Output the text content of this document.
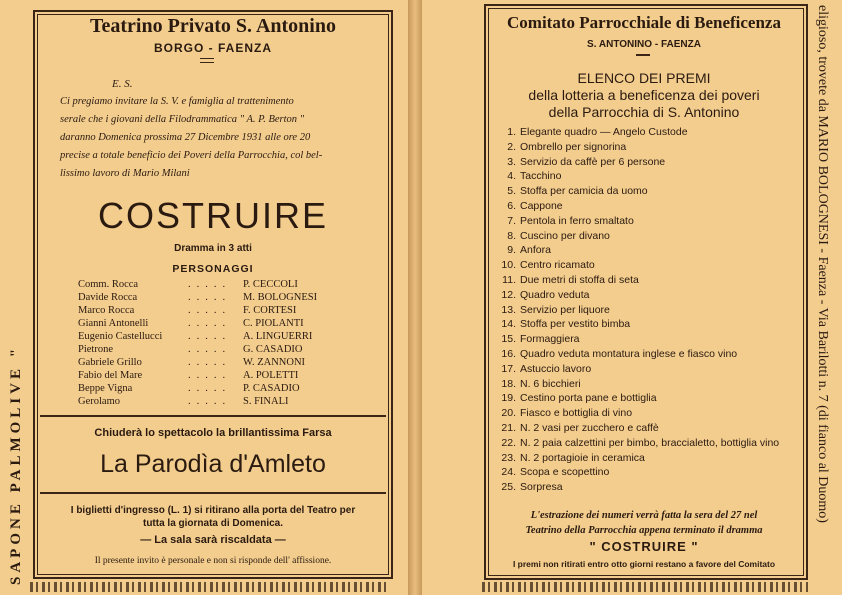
SAPONE PALMOLIVE "
Teatrino Privato S. Antonino
BORGO - FAENZA
E. S.
Ci pregiamo invitare la S. V. e famiglia al trattenimento
serale che i giovani della Filodrammatica " A. P. Berton "
daranno Domenica prossima 27 Dicembre 1931 alle ore 20
precise a totale beneficio dei Poveri della Parrocchia, col bel-
lissimo lavoro di Mario Milani
COSTRUIRE
Dramma in 3 atti
PERSONAGGI
Comm. Rocca	..... P. CECCOLI
Davide Rocca	..... M. BOLOGNESI
Marco Rocca	..... F. CORTESI
Gianni Antonelli	..... C. PIOLANTI
Eugenio Castellucci ..... A. LINGUERRI
Pietrone	..... G. CASADIO
Gabriele Grillo	..... W. ZANNONI
Fabio del Mare	..... A. POLETTI
Beppe Vigna	..... P. CASADIO
Gerolamo	..... S. FINALI
Chiuderà lo spettacolo la brillantissima Farsa
La Parodìa d'Amleto
I biglietti d'ingresso (L. 1) si ritirano alla porta del Teatro per
tutta la giornata di Domenica.
— La sala sarà riscaldata —
Il presente invito è personale e non si risponde dell' affissione.
eligioso, trovete da MARIO BOLOGNESI - Faenza - Via Barilotti n. 7 (di fianco al Duomo)
Comitato Parrocchiale di Beneficenza
S. ANTONINO - FAENZA
ELENCO DEI PREMI
della lotteria a beneficenza dei poveri
della Parrocchia di S. Antonino
1. Elegante quadro — Angelo Custode
2. Ombrello per signorina
3. Servizio da caffè per 6 persone
4. Tacchino
5. Stoffa per camicia da uomo
6. Cappone
7. Pentola in ferro smaltato
8. Cuscino per divano
9. Anfora
10. Centro ricamato
11. Due metri di stoffa di seta
12. Quadro veduta
13. Servizio per liquore
14. Stoffa per vestito bimba
15. Formaggiera
16. Quadro veduta montatura inglese e fiasco vino
17. Astuccio lavoro
18. N. 6 bicchieri
19. Cestino porta pane e bottiglia
20. Fiasco e bottiglia di vino
21. N. 2 vasi per zucchero e caffè
22. N. 2 paia calzettini per bimbo, braccialetto, bottiglia vino
23. N. 2 portagioie in ceramica
24. Scopa e scopettino
25. Sorpresa
L'estrazione dei numeri verrà fatta la sera del 27 nel
Teatrino della Parrocchia appena terminato il dramma
" COSTRUIRE "
I premi non ritirati entro otto giorni restano a favore del Comitato
